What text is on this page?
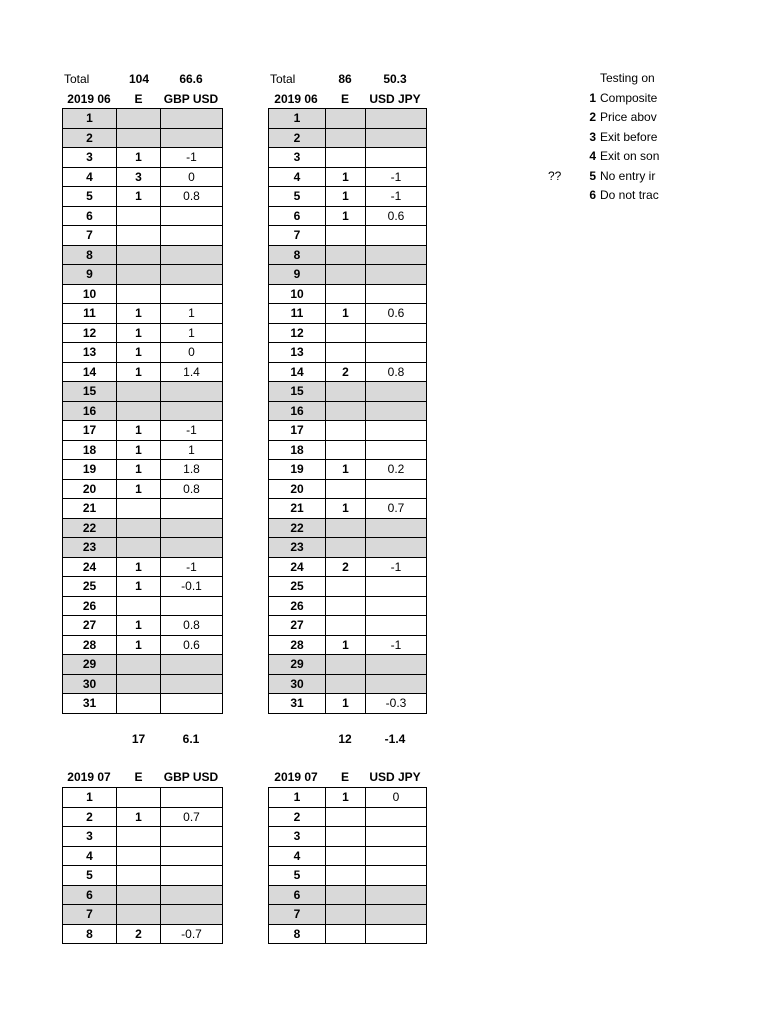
Total	104	66.6
2019 06	E	GBP USD
1		
2		
3	1	-1
4	3	0
5	1	0.8
6		
7		
8		
9		
10		
11	1	1
12	1	1
13	1	0
14	1	1.4
15		
16		
17	1	-1
18	1	1
19	1	1.8
20	1	0.8
21		
22		
23		
24	1	-1
25	1	-0.1
26		
27	1	0.8
28	1	0.6
29		
30		
31		
17	6.1
Total	86	50.3
2019 06	E	USD JPY
1		
2		
3		
4	1	-1
5	1	-1
6	1	0.6
7		
8		
9		
10		
11	1	0.6
12		
13		
14	2	0.8
15		
16		
17		
18		
19	1	0.2
20		
21	1	0.7
22		
23		
24	2	-1
25		
26		
27		
28	1	-1
29		
30		
31	1	-0.3
12	-1.4
2019 07	E	GBP USD
1		
2	1	0.7
3		
4		
5		
6		
7		
8	2	-0.7
2019 07	E	USD JPY
1	1	0
2		
3		
4		
5		
6		
7		
8		
Testing on
1 Composite
2 Price abov
3 Exit before
4 Exit on son
?? 5 No entry ir
6 Do not trac
